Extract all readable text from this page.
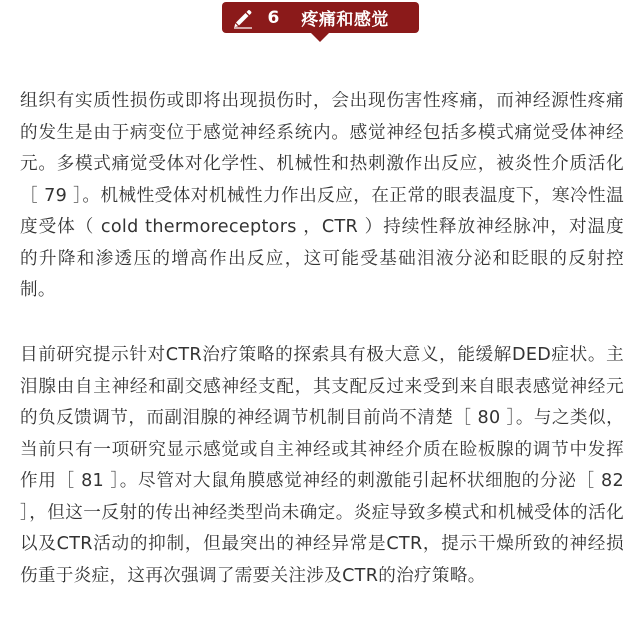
6 疼痛和感觉

组织有实质性损伤或即将出现损伤时，会出现伤害性疼痛，而神经源性疼痛的发生是由于病变位于感觉神经系统内。感觉神经包括多模式痛觉受体神经元。多模式痛觉受体对化学性、机械性和热刺激作出反应，被炎性介质活化［ 79 ］。机械性受体对机械性力作出反应，在正常的眼表温度下，寒冷性温度受体（ cold thermoreceptors ，CTR ）持续性释放神经脉冲，对温度的升降和渗透压的增高作出反应，这可能受基础泪液分泌和眨眼的反射控制。

目前研究提示针对CTR治疗策略的探索具有极大意义，能缓解DED症状。主泪腺由自主神经和副交感神经支配，其支配反过来受到来自眼表感觉神经元的负反馈调节，而副泪腺的神经调节机制目前尚不清楚［ 80 ］。与之类似，当前只有一项研究显示感觉或自主神经或其神经介质在睑板腺的调节中发挥作用［ 81 ］。尽管对大鼠角膜感觉神经的刺激能引起杯状细胞的分泌［ 82 ］，但这一反射的传出神经类型尚未确定。炎症导致多模式和机械受体的活化以及CTR活动的抑制，但最突出的神经异常是CTR，提示干燥所致的神经损伤重于炎症，这再次强调了需要关注涉及CTR的治疗策略。
